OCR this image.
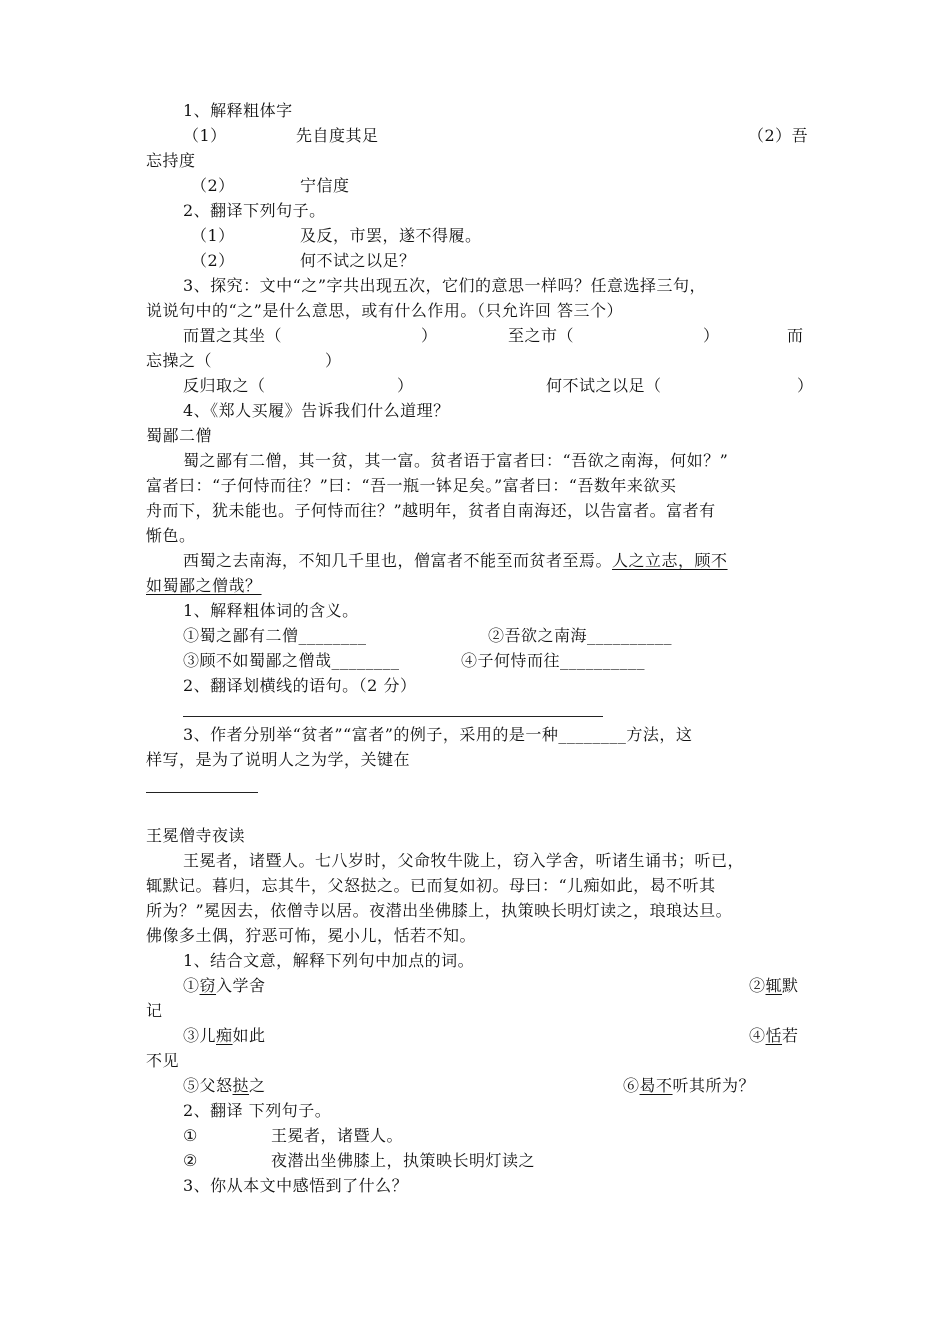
1、解释粗体字
（1）	先自度其足	（2）吾
忘持度
（2）	宁信度
2、翻译下列句子。
（1）	及反，市罢，遂不得履。
（2）	何不试之以足？
3、探究：文中“之”字共出现五次，它们的意思一样吗？任意选择三句，
说说句中的“之”是什么意思，或有什么作用。（只允许回 答三个）
而置之其坐（	）	至之市（	）	而
忘操之（	）
反归取之（	）	何不试之以足（	）
4、《郑人买履》告诉我们什么道理？
蜀鄙二僧
蜀之鄙有二僧，其一贫，其一富。贫者语于富者曰：“吾欲之南海，何如？”
富者曰：“子何恃而往？”曰：“吾一瓶一钵足矣。”富者曰：“吾数年来欲买
舟而下，犹未能也。子何恃而往？”越明年，贫者自南海还，以告富者。富者有
惭色。
西蜀之去南海，不知几千里也，僧富者不能至而贫者至焉。人之立志，顾不
如蜀鄙之僧哉？
1、解释粗体词的含义。
①蜀之鄙有二僧________	②吾欲之南海__________
③顾不如蜀鄙之僧哉________	④子何恃而往__________
2、翻译划横线的语句。（2 分）
3、作者分别举“贫者”“富者”的例子，采用的是一种________方法，这
样写，是为了说明人之为学，关键在
王冕僧寺夜读
王冕者，诸暨人。七八岁时，父命牧牛陇上，窃入学舍，听诸生诵书；听已，
辄默记。暮归，忘其牛，父怒挞之。已而复如初。母曰：“儿痴如此，曷不听其
所为？”冕因去，依僧寺以居。夜潜出坐佛膝上，执策映长明灯读之，琅琅达旦。
佛像多土偶，狞恶可怖，冕小儿，恬若不知。
1、结合文意，解释下列句中加点的词。
①窃入学舍	②辄默
记
③儿痴如此	④恬若
不见
⑤父怒挞之	⑥曷不听其所为？
2、翻译 下列句子。
①	王冕者，诸暨人。
②	夜潜出坐佛膝上，执策映长明灯读之
3、你从本文中感悟到了什么？
